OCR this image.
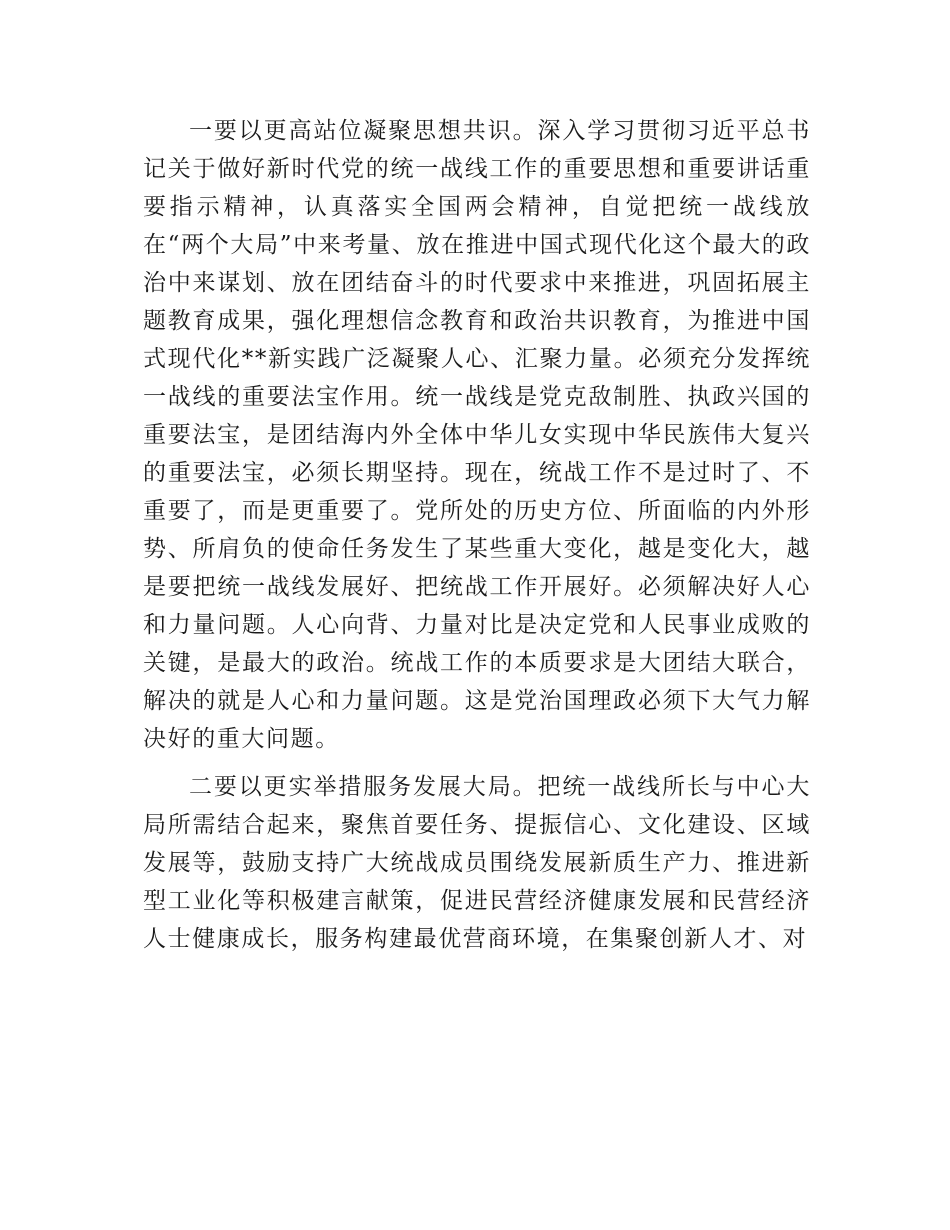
一要以更高站位凝聚思想共识。深入学习贯彻习近平总书记关于做好新时代党的统一战线工作的重要思想和重要讲话重要指示精神，认真落实全国两会精神，自觉把统一战线放在“两个大局”中来考量、放在推进中国式现代化这个最大的政治中来谋划、放在团结奋斗的时代要求中来推进，巩固拓展主题教育成果，强化理想信念教育和政治共识教育，为推进中国式现代化**新实践广泛凝聚人心、汇聚力量。必须充分发挥统一战线的重要法宝作用。统一战线是党克敌制胜、执政兴国的重要法宝，是团结海内外全体中华儿女实现中华民族伟大复兴的重要法宝，必须长期坚持。现在，统战工作不是过时了、不重要了，而是更重要了。党所处的历史方位、所面临的内外形势、所肩负的使命任务发生了某些重大变化，越是变化大，越是要把统一战线发展好、把统战工作开展好。必须解决好人心和力量问题。人心向背、力量对比是决定党和人民事业成败的关键，是最大的政治。统战工作的本质要求是大团结大联合，解决的就是人心和力量问题。这是党治国理政必须下大气力解决好的重大问题。

二要以更实举措服务发展大局。把统一战线所长与中心大局所需结合起来，聚焦首要任务、提振信心、文化建设、区域发展等，鼓励支持广大统战成员围绕发展新质生产力、推进新型工业化等积极建言献策，促进民营经济健康发展和民营经济人士健康成长，服务构建最优营商环境，在集聚创新人才、对
